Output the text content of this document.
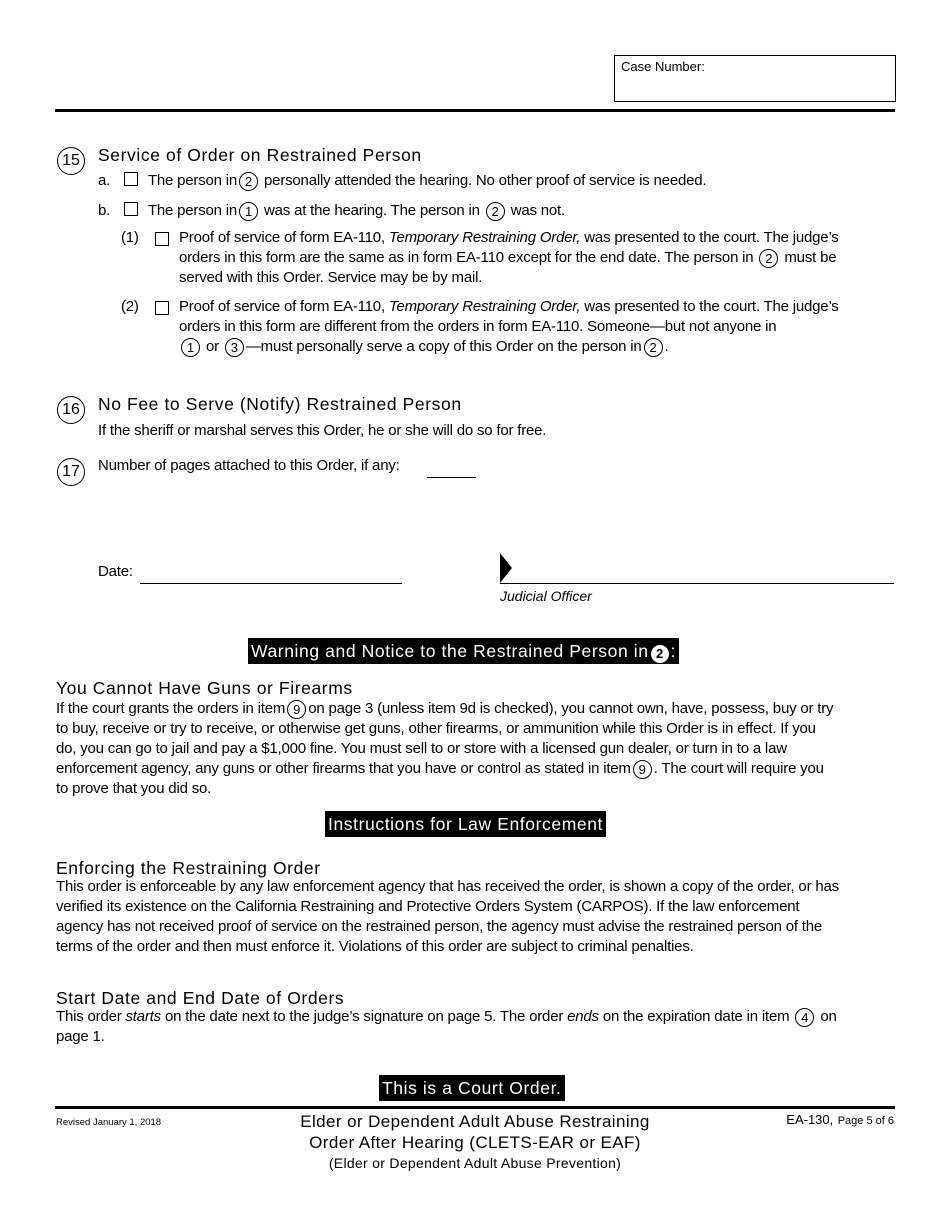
Case Number:
15 Service of Order on Restrained Person
a.	The person in 2 personally attended the hearing. No other proof of service is needed.
b.	The person in 1 was at the hearing. The person in 2 was not.
(1)	Proof of service of form EA-110, Temporary Restraining Order, was presented to the court. The judge’s
orders in this form are the same as in form EA-110 except for the end date. The person in 2 must be
served with this Order. Service may be by mail.
(2)	Proof of service of form EA-110, Temporary Restraining Order, was presented to the court. The judge’s
orders in this form are different from the orders in form EA-110. Someone—but not anyone in
1 or 3 —must personally serve a copy of this Order on the person in 2 .
16 No Fee to Serve (Notify) Restrained Person
If the sheriff or marshal serves this Order, he or she will do so for free.
17	Number of pages attached to this Order, if any:
Date:
Judicial Officer
Warning and Notice to the Restrained Person in 2 :
You Cannot Have Guns or Firearms
If the court grants the orders in item 9 on page 3 (unless item 9d is checked), you cannot own, have, possess, buy or try
to buy, receive or try to receive, or otherwise get guns, other firearms, or ammunition while this Order is in effect. If you
do, you can go to jail and pay a $1,000 fine. You must sell to or store with a licensed gun dealer, or turn in to a law
enforcement agency, any guns or other firearms that you have or control as stated in item 9 . The court will require you
to prove that you did so.
Instructions for Law Enforcement
Enforcing the Restraining Order
This order is enforceable by any law enforcement agency that has received the order, is shown a copy of the order, or has
verified its existence on the California Restraining and Protective Orders System (CARPOS). If the law enforcement
agency has not received proof of service on the restrained person, the agency must advise the restrained person of the
terms of the order and then must enforce it. Violations of this order are subject to criminal penalties.
Start Date and End Date of Orders
This order starts on the date next to the judge’s signature on page 5. The order ends on the expiration date in item 4 on
page 1.
This is a Court Order.
Revised January 1, 2018	Elder or Dependent Adult Abuse Restraining
Order After Hearing (CLETS-EAR or EAF)
(Elder or Dependent Adult Abuse Prevention)
EA-130, Page 5 of 6
